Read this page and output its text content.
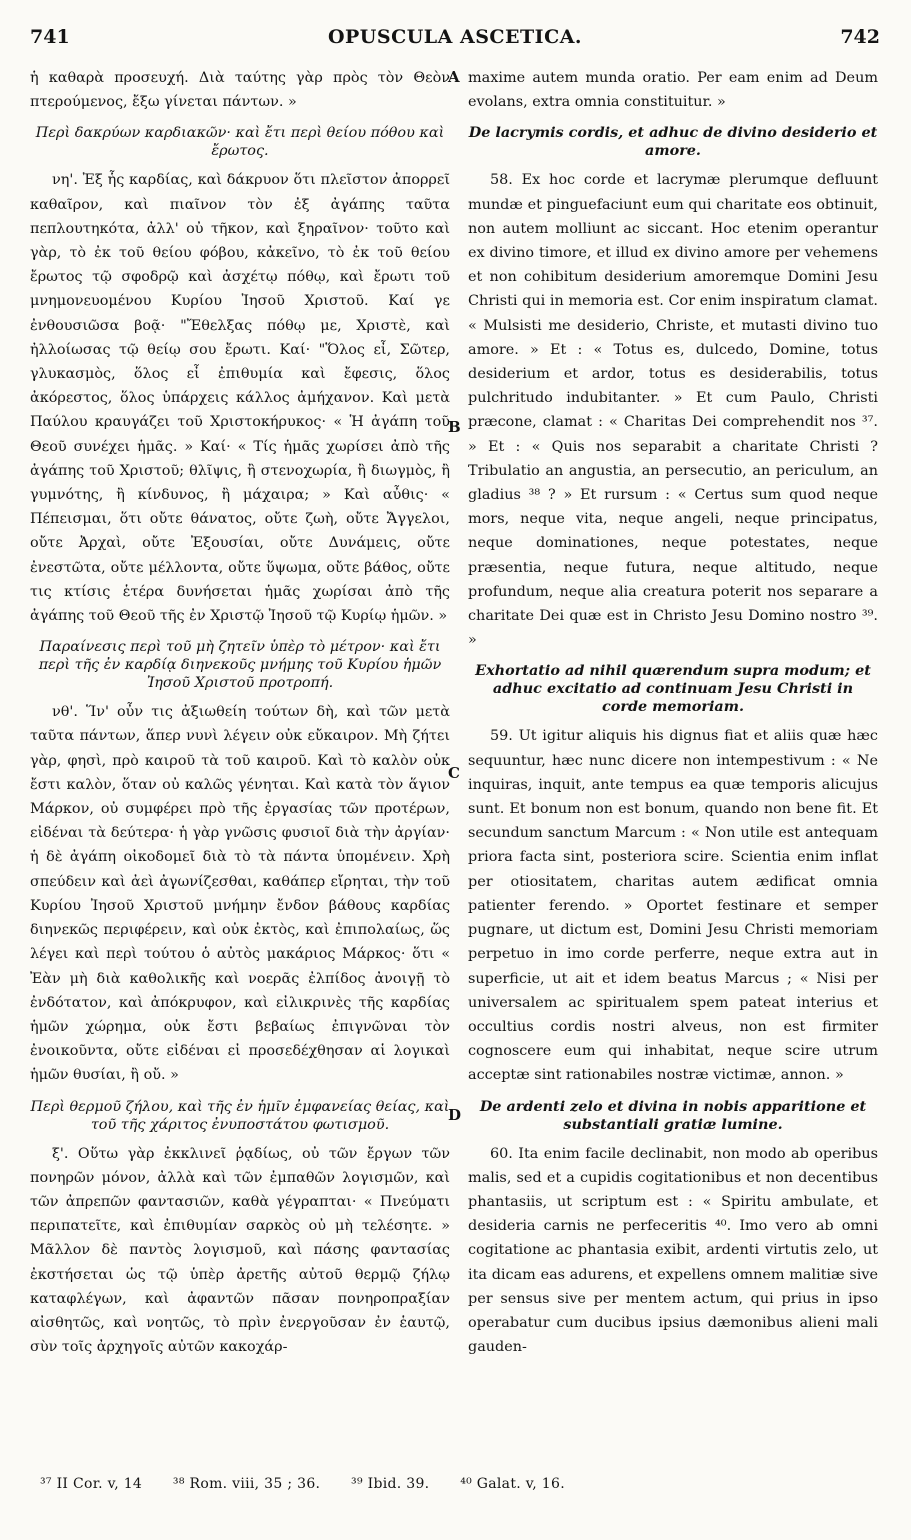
741	OPUSCULA ASCETICA.	742

ἡ καθαρὰ προσευχή. Διὰ ταύτης γὰρ πρὸς τὸν Θεὸν πτερούμενος, ἔξω γίνεται πάντων. »

Περὶ δακρύων καρδιακῶν· καὶ ἔτι περὶ θείου πόθου καὶ ἔρωτος.

νη'. Ἐξ ἧς καρδίας, καὶ δάκρυον ὅτι πλεῖστον ἀπορρεῖ καθαῖρον, καὶ πιαῖνον τὸν ἐξ ἀγάπης ταῦτα πεπλουτηκότα, ἀλλ' οὐ τῆκον, καὶ ξηραῖνον· τοῦτο καὶ γὰρ, τὸ ἐκ τοῦ θείου φόβου, κἀκεῖνο, τὸ ἐκ τοῦ θείου ἔρωτος τῷ σφοδρῷ καὶ ἀσχέτῳ πόθῳ, καὶ ἔρωτι τοῦ μνημονευομένου Κυρίου Ἰησοῦ Χριστοῦ. Καί γε ἐνθουσιῶσα βοᾷ· "Ἔθελξας πόθῳ με, Χριστὲ, καὶ ἠλλοίωσας τῷ θείῳ σου ἔρωτι. Καί· "Ὅλος εἶ, Σῶτερ, γλυκασμὸς, ὅλος εἶ ἐπιθυμία καὶ ἔφεσις, ὅλος ἀκόρεστος, ὅλος ὑπάρχεις κάλλος ἀμήχανον. Καὶ μετὰ Παύλου κραυγάζει τοῦ Χριστοκήρυκος· « Ἡ ἀγάπη τοῦ Θεοῦ συνέχει ἡμᾶς. » Καί· « Τίς ἡμᾶς χωρίσει ἀπὸ τῆς ἀγάπης τοῦ Χριστοῦ; θλῖψις, ἢ στενοχωρία, ἢ διωγμὸς, ἢ γυμνότης, ἢ κίνδυνος, ἢ μάχαιρα; » Καὶ αὖθις· « Πέπεισμαι, ὅτι οὔτε θάνατος, οὔτε ζωὴ, οὔτε Ἄγγελοι, οὔτε Ἀρχαὶ, οὔτε Ἐξουσίαι, οὔτε Δυνάμεις, οὔτε ἐνεστῶτα, οὔτε μέλλοντα, οὔτε ὕψωμα, οὔτε βάθος, οὔτε τις κτίσις ἑτέρα δυνήσεται ἡμᾶς χωρίσαι ἀπὸ τῆς ἀγάπης τοῦ Θεοῦ τῆς ἐν Χριστῷ Ἰησοῦ τῷ Κυρίῳ ἡμῶν. »

Παραίνεσις περὶ τοῦ μὴ ζητεῖν ὑπὲρ τὸ μέτρον· καὶ ἔτι περὶ τῆς ἐν καρδίᾳ διηνεκοῦς μνήμης τοῦ Κυρίου ἡμῶν Ἰησοῦ Χριστοῦ προτροπή.

νθ'. Ἵν' οὖν τις ἀξιωθείη τούτων δὴ, καὶ τῶν μετὰ ταῦτα πάντων, ἅπερ νυνὶ λέγειν οὐκ εὔκαιρον. Μὴ ζήτει γὰρ, φησὶ, πρὸ καιροῦ τὰ τοῦ καιροῦ. Καὶ τὸ καλὸν οὐκ ἔστι καλὸν, ὅταν οὐ καλῶς γένηται. Καὶ κατὰ τὸν ἅγιον Μάρκον, οὐ συμφέρει πρὸ τῆς ἐργασίας τῶν προτέρων, εἰδέναι τὰ δεύτερα· ἡ γὰρ γνῶσις φυσιοῖ διὰ τὴν ἀργίαν· ἡ δὲ ἀγάπη οἰκοδομεῖ διὰ τὸ τὰ πάντα ὑπομένειν. Χρὴ σπεύδειν καὶ ἀεὶ ἀγωνίζεσθαι, καθάπερ εἴρηται, τὴν τοῦ Κυρίου Ἰησοῦ Χριστοῦ μνήμην ἔνδον βάθους καρδίας διηνεκῶς περιφέρειν, καὶ οὐκ ἐκτὸς, καὶ ἐπιπολαίως, ὥς λέγει καὶ περὶ τούτου ὁ αὐτὸς μακάριος Μάρκος· ὅτι « Ἐὰν μὴ διὰ καθολικῆς καὶ νοερᾶς ἐλπίδος ἀνοιγῇ τὸ ἐνδότατον, καὶ ἀπόκρυφον, καὶ εἰλικρινὲς τῆς καρδίας ἡμῶν χώρημα, οὐκ ἔστι βεβαίως ἐπιγνῶναι τὸν ἐνοικοῦντα, οὔτε εἰδέναι εἰ προσεδέχθησαν αἱ λογικαὶ ἡμῶν θυσίαι, ἢ οὔ. »

Περὶ θερμοῦ ζήλου, καὶ τῆς ἐν ἡμῖν ἐμφανείας θείας, καὶ τοῦ τῆς χάριτος ἐνυποστάτου φωτισμοῦ.

ξ'. Οὕτω γὰρ ἐκκλινεῖ ῥᾳδίως, οὐ τῶν ἔργων τῶν πονηρῶν μόνον, ἀλλὰ καὶ τῶν ἐμπαθῶν λογισμῶν, καὶ τῶν ἀπρεπῶν φαντασιῶν, καθὰ γέγραπται· « Πνεύματι περιπατεῖτε, καὶ ἐπιθυμίαν σαρκὸς οὐ μὴ τελέσητε. » Μᾶλλον δὲ παντὸς λογισμοῦ, καὶ πάσης φαντασίας ἐκστήσεται ὡς τῷ ὑπὲρ ἀρετῆς αὐτοῦ θερμῷ ζήλῳ καταφλέγων, καὶ ἀφαντῶν πᾶσαν πονηροπραξίαν αἰσθητῶς, καὶ νοητῶς, τὸ πρὶν ἐνεργοῦσαν ἐν ἑαυτῷ, σὺν τοῖς ἀρχηγοῖς αὐτῶν κακοχάρ-

A
B
C
D

maxime autem munda oratio. Per eam enim ad Deum evolans, extra omnia constituitur. »

De lacrymis cordis, et adhuc de divino desiderio et amore.

58. Ex hoc corde et lacrymæ plerumque defluunt mundæ et pinguefaciunt eum qui charitate eos obtinuit, non autem molliunt ac siccant. Hoc etenim operantur ex divino timore, et illud ex divino amore per vehemens et non cohibitum desiderium amoremque Domini Jesu Christi qui in memoria est. Cor enim inspiratum clamat. « Mulsisti me desiderio, Christe, et mutasti divino tuo amore. » Et : « Totus es, dulcedo, Domine, totus desiderium et ardor, totus es desiderabilis, totus pulchritudo indubitanter. » Et cum Paulo, Christi præcone, clamat : « Charitas Dei comprehendit nos ³⁷. » Et : « Quis nos separabit a charitate Christi ? Tribulatio an angustia, an persecutio, an periculum, an gladius ³⁸ ? » Et rursum : « Certus sum quod neque mors, neque vita, neque angeli, neque principatus, neque dominationes, neque potestates, neque præsentia, neque futura, neque altitudo, neque profundum, neque alia creatura poterit nos separare a charitate Dei quæ est in Christo Jesu Domino nostro ³⁹. »

Exhortatio ad nihil quærendum supra modum; et adhuc excitatio ad continuam Jesu Christi in corde memoriam.

59. Ut igitur aliquis his dignus fiat et aliis quæ hæc sequuntur, hæc nunc dicere non intempestivum : « Ne inquiras, inquit, ante tempus ea quæ temporis alicujus sunt. Et bonum non est bonum, quando non bene fit. Et secundum sanctum Marcum : « Non utile est antequam priora facta sint, posteriora scire. Scientia enim inflat per otiositatem, charitas autem ædificat omnia patienter ferendo. » Oportet festinare et semper pugnare, ut dictum est, Domini Jesu Christi memoriam perpetuo in imo corde perferre, neque extra aut in superficie, ut ait et idem beatus Marcus ; « Nisi per universalem ac spiritualem spem pateat interius et occultius cordis nostri alveus, non est firmiter cognoscere eum qui inhabitat, neque scire utrum acceptæ sint rationabiles nostræ victimæ, annon. »

De ardenti zelo et divina in nobis apparitione et substantiali gratiæ lumine.

60. Ita enim facile declinabit, non modo ab operibus malis, sed et a cupidis cogitationibus et non decentibus phantasiis, ut scriptum est : « Spiritu ambulate, et desideria carnis ne perfeceritis ⁴⁰. Imo vero ab omni cogitatione ac phantasia exibit, ardenti virtutis zelo, ut ita dicam eas adurens, et expellens omnem malitiæ sive per sensus sive per mentem actum, qui prius in ipso operabatur cum ducibus ipsius dæmonibus alieni mali gauden-

³⁷ II Cor. v, 14 ³⁸ Rom. viii, 35 ; 36. ³⁹ Ibid. 39. ⁴⁰ Galat. v, 16.
